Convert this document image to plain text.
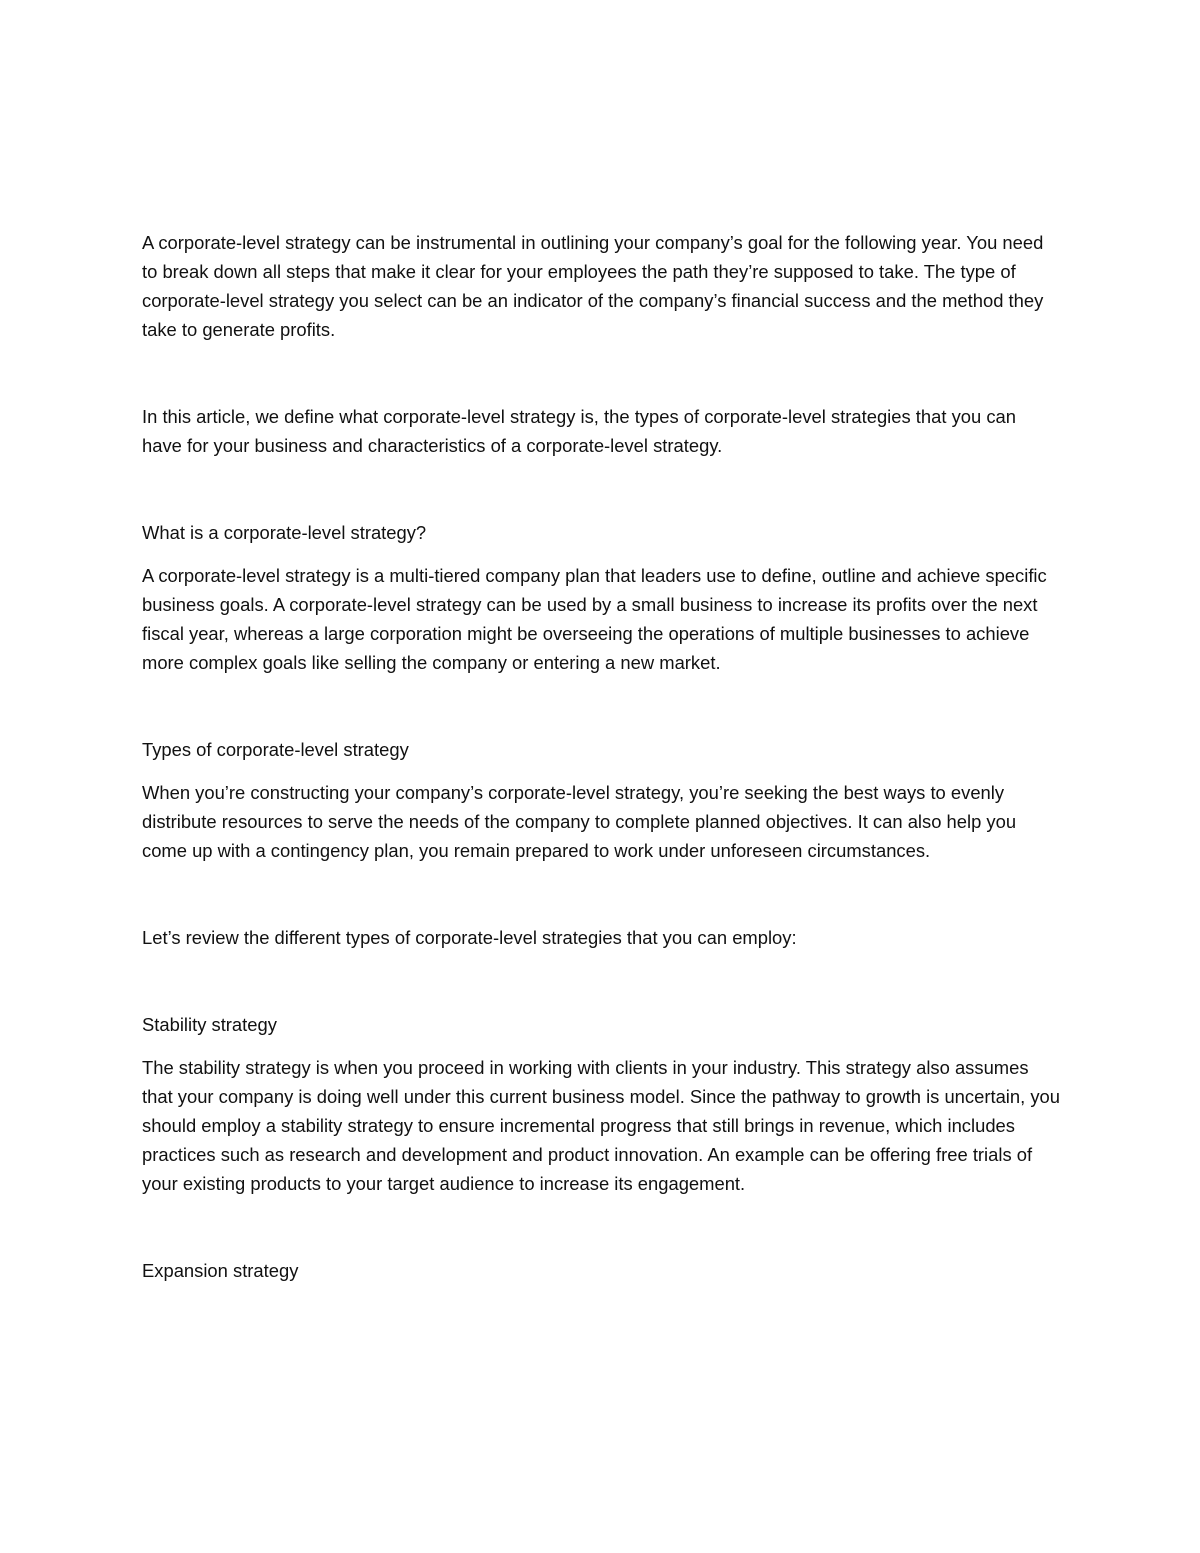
A corporate-level strategy can be instrumental in outlining your company’s goal for the following year. You need to break down all steps that make it clear for your employees the path they’re supposed to take. The type of corporate-level strategy you select can be an indicator of the company’s financial success and the method they take to generate profits.

In this article, we define what corporate-level strategy is, the types of corporate-level strategies that you can have for your business and characteristics of a corporate-level strategy.

What is a corporate-level strategy?

A corporate-level strategy is a multi-tiered company plan that leaders use to define, outline and achieve specific business goals. A corporate-level strategy can be used by a small business to increase its profits over the next fiscal year, whereas a large corporation might be overseeing the operations of multiple businesses to achieve more complex goals like selling the company or entering a new market.

Types of corporate-level strategy

When you’re constructing your company’s corporate-level strategy, you’re seeking the best ways to evenly distribute resources to serve the needs of the company to complete planned objectives. It can also help you come up with a contingency plan, you remain prepared to work under unforeseen circumstances.

Let’s review the different types of corporate-level strategies that you can employ:

Stability strategy

The stability strategy is when you proceed in working with clients in your industry. This strategy also assumes that your company is doing well under this current business model. Since the pathway to growth is uncertain, you should employ a stability strategy to ensure incremental progress that still brings in revenue, which includes practices such as research and development and product innovation. An example can be offering free trials of your existing products to your target audience to increase its engagement.

Expansion strategy
